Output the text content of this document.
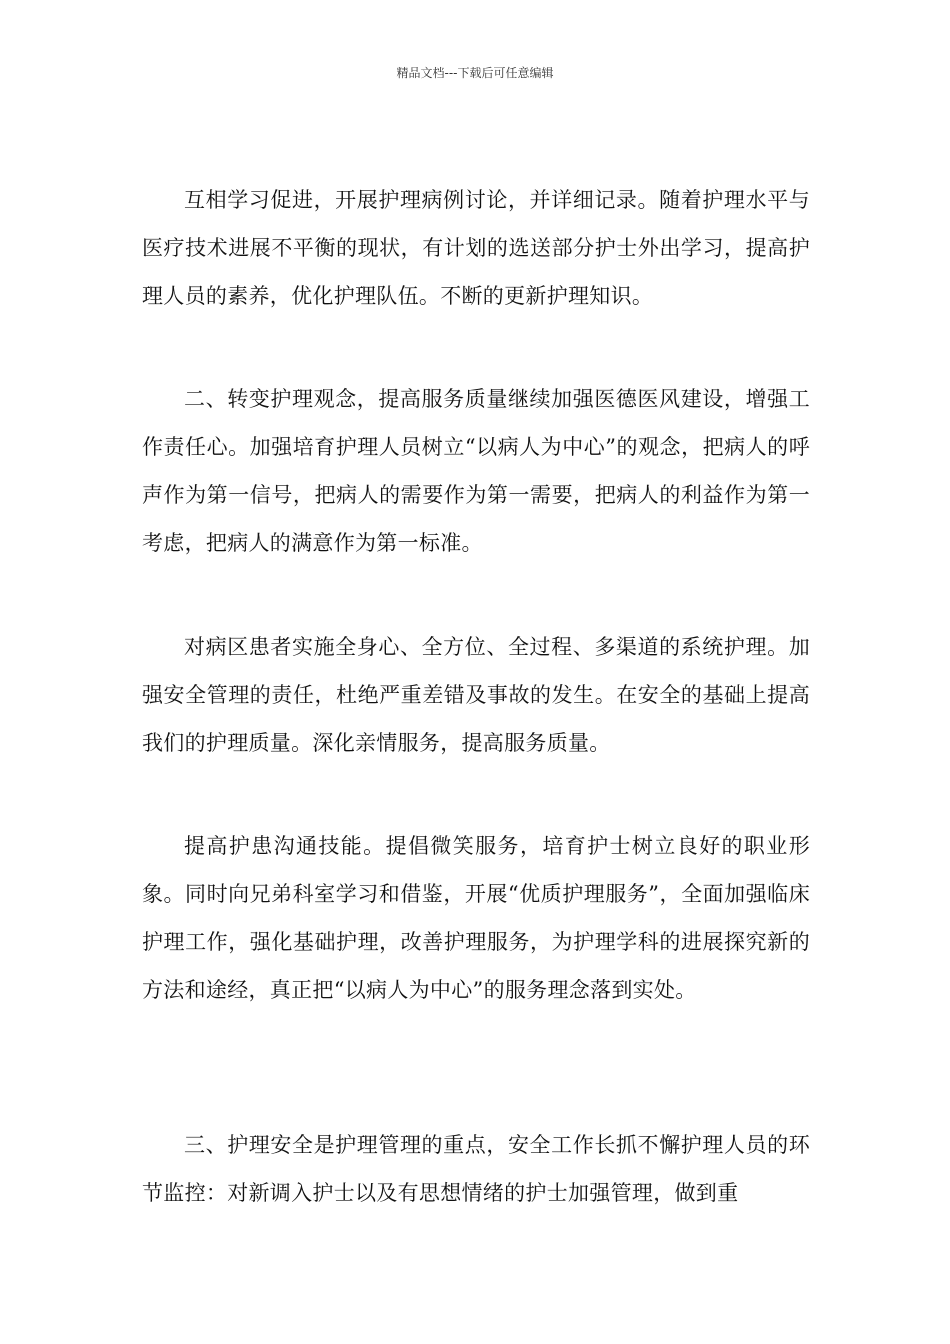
精品文档---下载后可任意编辑

互相学习促进，开展护理病例讨论，并详细记录。随着护理水平与医疗技术进展不平衡的现状，有计划的选送部分护士外出学习，提高护理人员的素养，优化护理队伍。不断的更新护理知识。

二、转变护理观念，提高服务质量继续加强医德医风建设，增强工作责任心。加强培育护理人员树立“以病人为中心”的观念，把病人的呼声作为第一信号，把病人的需要作为第一需要，把病人的利益作为第一考虑，把病人的满意作为第一标准。

对病区患者实施全身心、全方位、全过程、多渠道的系统护理。加强安全管理的责任，杜绝严重差错及事故的发生。在安全的基础上提高我们的护理质量。深化亲情服务，提高服务质量。

提高护患沟通技能。提倡微笑服务，培育护士树立良好的职业形象。同时向兄弟科室学习和借鉴，开展“优质护理服务”，全面加强临床护理工作，强化基础护理，改善护理服务，为护理学科的进展探究新的方法和途经，真正把“以病人为中心”的服务理念落到实处。

三、护理安全是护理管理的重点，安全工作长抓不懈护理人员的环节监控：对新调入护士以及有思想情绪的护士加强管理，做到重
